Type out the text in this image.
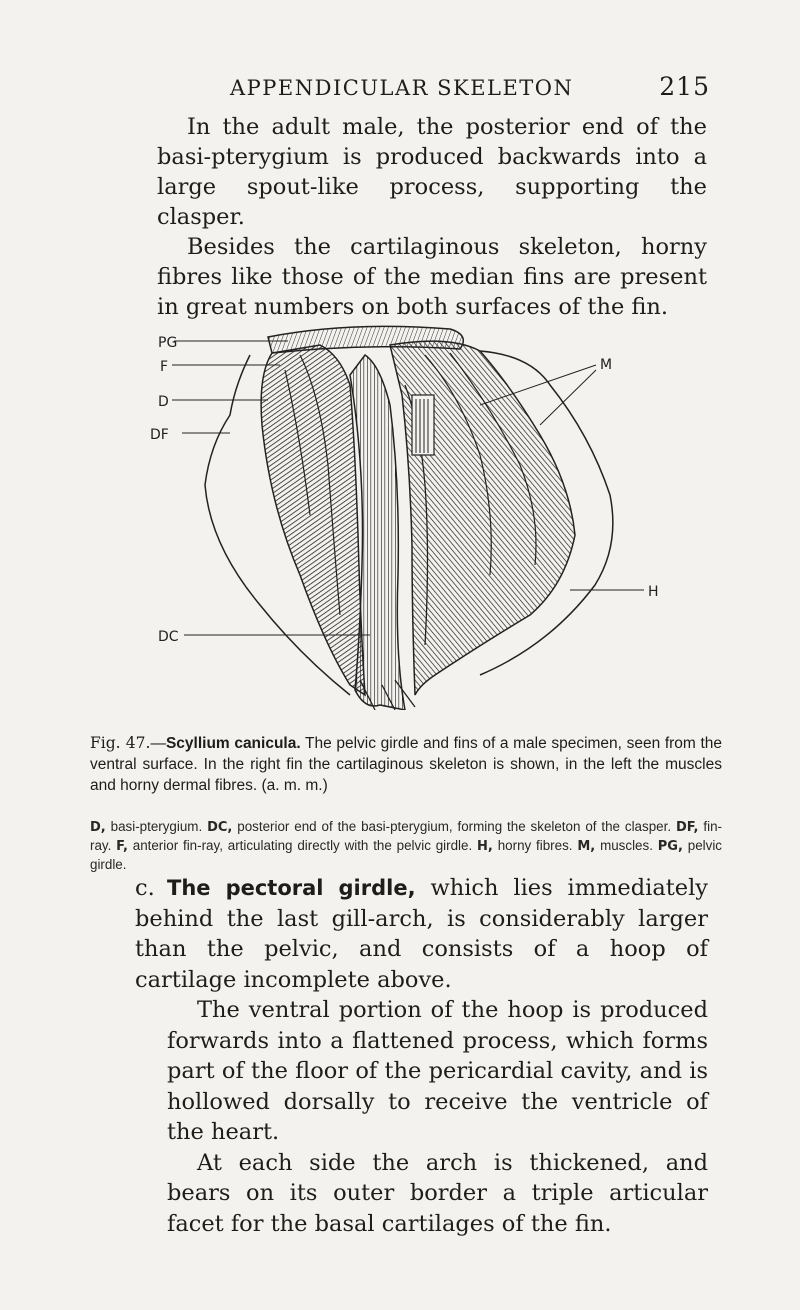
APPENDICULAR SKELETON	215

In the adult male, the posterior end of the basi-pterygium is produced backwards into a large spout-like process, supporting the clasper.

Besides the cartilaginous skeleton, horny fibres like those of the median fins are present in great numbers on both surfaces of the fin.

PG
F
D
DF
DC
M
H

Fig. 47.—Scyllium canicula. The pelvic girdle and fins of a male specimen, seen from the ventral surface. In the right fin the cartilaginous skeleton is shown, in the left the muscles and horny dermal fibres. (a. m. m.)

D, basi-pterygium. DC, posterior end of the basi-pterygium, forming the skeleton of the clasper. DF, fin-ray. F, anterior fin-ray, articulating directly with the pelvic girdle. H, horny fibres. M, muscles. PG, pelvic girdle.

c. The pectoral girdle, which lies immediately behind the last gill-arch, is considerably larger than the pelvic, and consists of a hoop of cartilage incomplete above.

The ventral portion of the hoop is produced forwards into a flattened process, which forms part of the floor of the pericardial cavity, and is hollowed dorsally to receive the ventricle of the heart.

At each side the arch is thickened, and bears on its outer border a triple articular facet for the basal cartilages of the fin.
